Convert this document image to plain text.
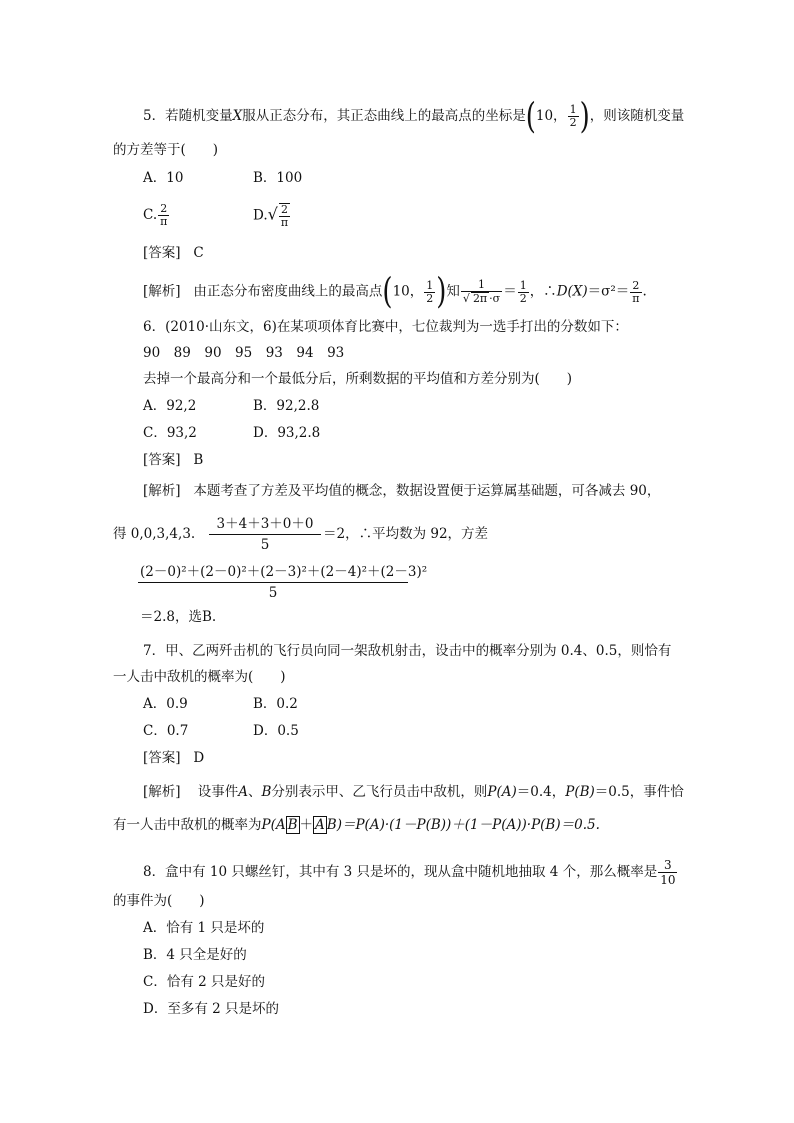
5．若随机变量X服从正态分布，其正态曲线上的最高点的坐标是(10， $\frac{1}{2}$ )，则该随机变量
的方差等于(　　)
A．10	B．100
C. $\frac{2}{\pi}$	$D.√ \frac{2}{\pi}$
[答案] C
[解析] 由正态分布密度曲线上的最高点(10， $\frac{1}{2}$ )知 $\frac{1}{√ 2\pi \cdot\sigma} = \frac{1}{2}$ ，∴D(X)＝σ²＝ $\frac{2}{\pi}$ .
6．(2010·山东文，6)在某项项体育比赛中，七位裁判为一选手打出的分数如下：
90　89　90　95　93　94　93
去掉一个最高分和一个最低分后，所剩数据的平均值和方差分别为(　　)
A．92,2	B．92,2.8
C．93,2	D．93,2.8
[答案] B
[解析] 本题考查了方差及平均值的概念，数据设置便于运算属基础题，可各减去 90，
得 0,0,3,4,3. $\frac{3+4+3+0+0}{5} =2$，∴平均数为 92，方差
$\frac{\text{(2－0)²＋(2－0)²＋(2－3)²＋(2－4)²＋(2－3)²}}{5}$
＝2.8，选B.
7．甲、乙两歼击机的飞行员向同一架敌机射击，设击中的概率分别为 0.4、0.5，则恰有
一人击中敌机的概率为(　　)
A．0.9	B．0.2
C．0.7	D．0.5
[答案] D
[解析] 设事件A、B分别表示甲、乙飞行员击中敌机，则P(A)＝0.4，P(B)＝0.5，事件恰
有一人击中敌机的概率为P(A $\overline{B} + \overline{A}$ B)＝P(A)·(1－P(B))＋(1－P(A))·P(B)＝0.5.
8．盒中有 10 只螺丝钉，其中有 3 只是坏的，现从盒中随机地抽取 4 个，那么概率是 $\frac{3}{10}$
的事件为(　　)
A．恰有 1 只是坏的
B．4 只全是好的
C．恰有 2 只是好的
D．至多有 2 只是坏的
